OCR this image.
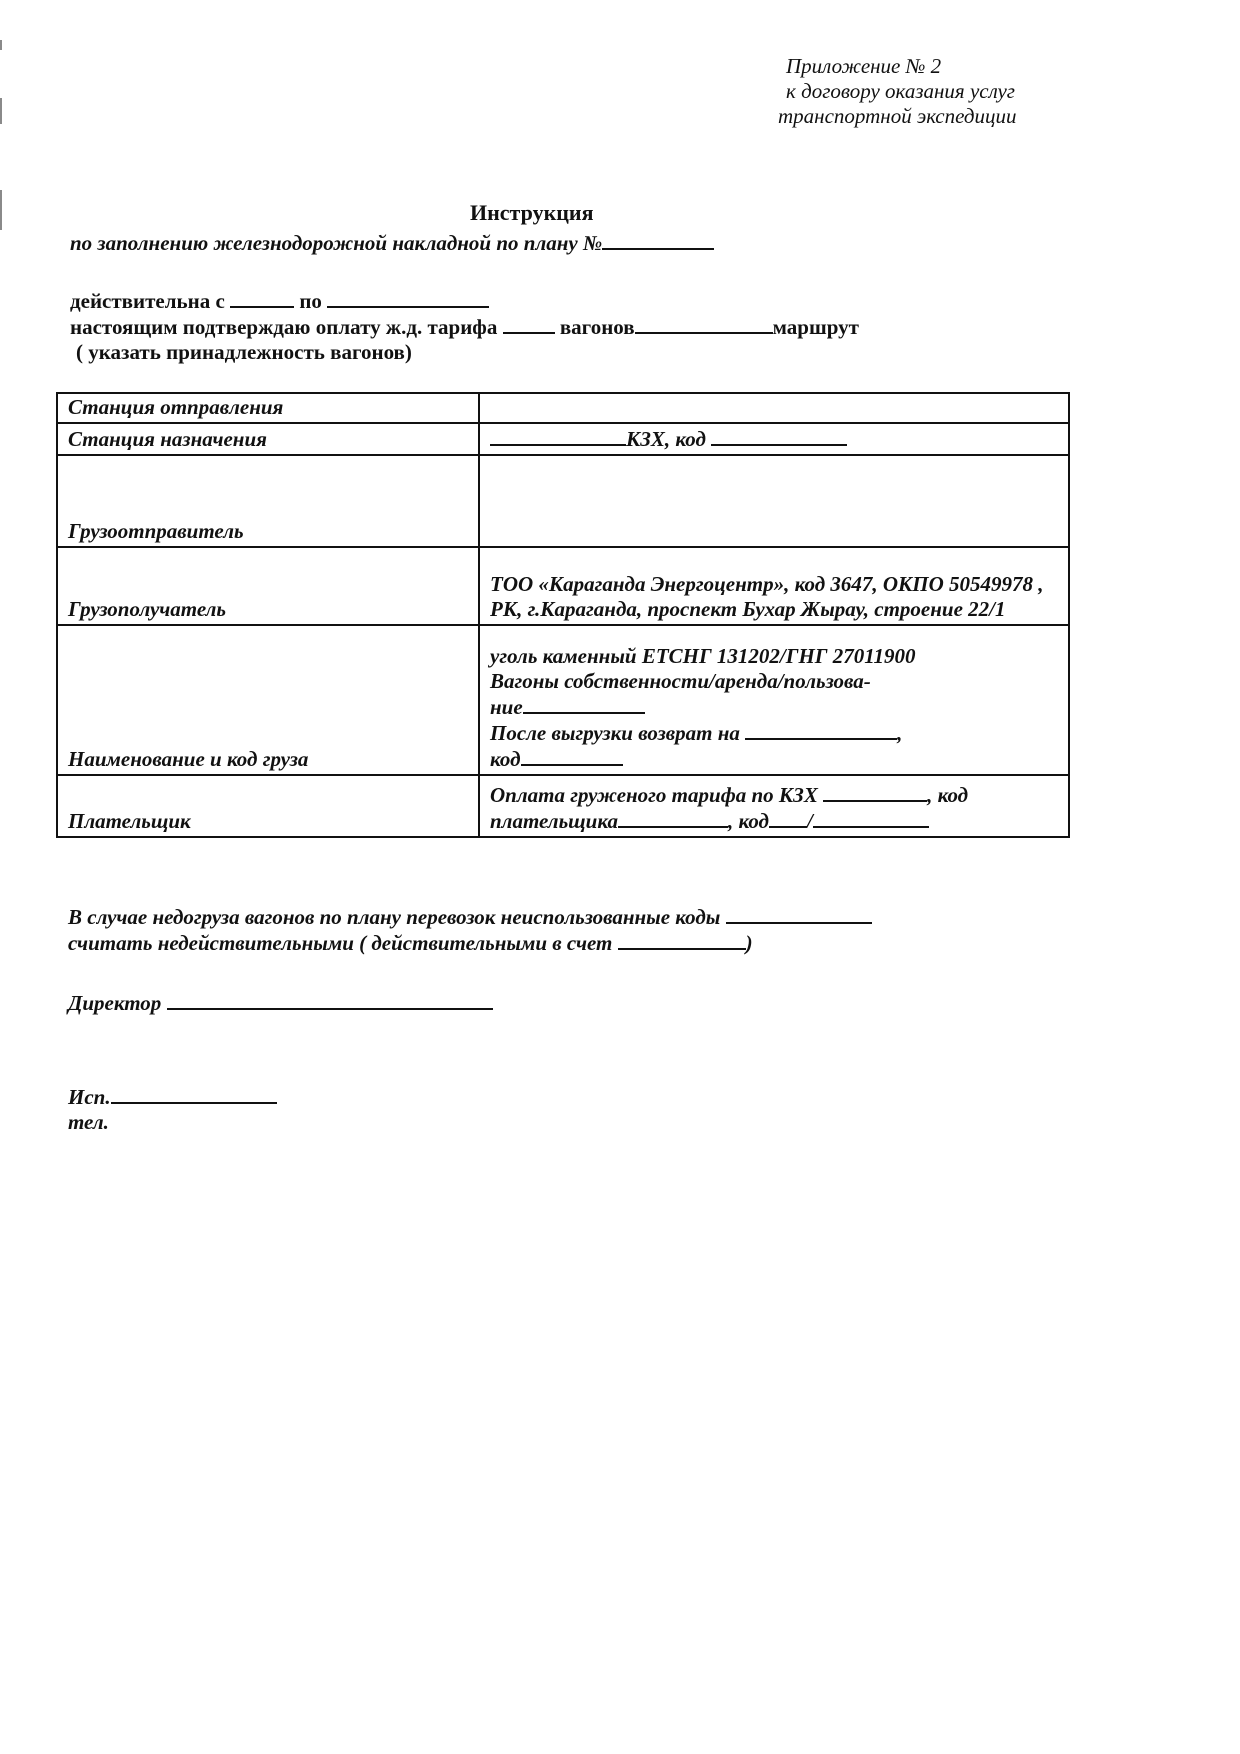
Приложение № 2
к договору оказания услуг
транспортной экспедиции
Инструкция
по заполнению железнодорожной накладной по плану №
действительна с	по
настоящим подтверждаю оплату ж.д. тарифа	вагонов	маршрут
( указать принадлежность вагонов)
Станция отправления	
Станция назначения	КЗХ, код
Грузоотправитель	
Грузополучатель	ТОО «Караганда Энергоцентр», код 3647, ОКПО 50549978 , РК, г.Караганда, проспект Бухар Жырау, строение 22/1
Наименование и код груза	уголь каменный ЕТСНГ 131202/ГНГ 27011900
Вагоны собственности/аренда/пользова-
ние
После выгрузки возврат на ,
код

Плательщик	Оплата груженого тарифа по КЗХ , код
плательщика , код /
В случае недогруза вагонов по плану перевозок неиспользованные коды
считать недействительными ( действительными в счет	)
Директор
Исп.
тел.
